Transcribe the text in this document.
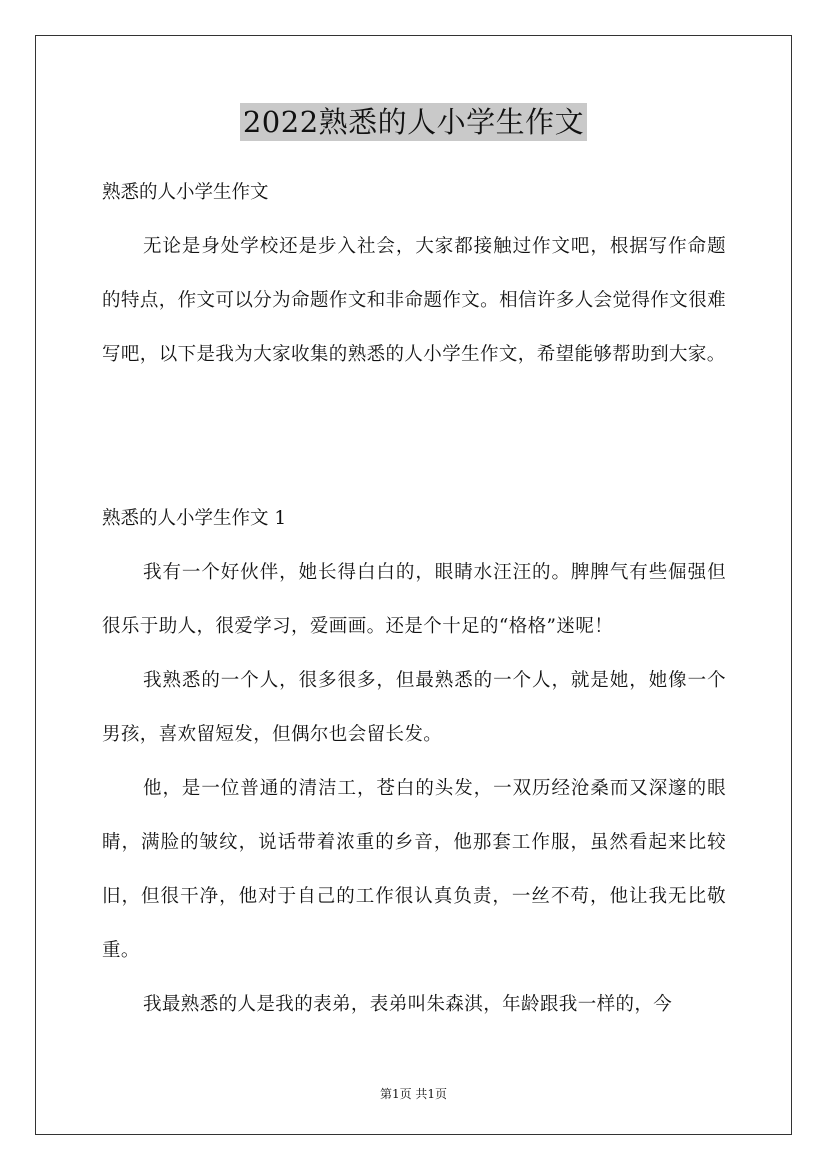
2022熟悉的人小学生作文
熟悉的人小学生作文

无论是身处学校还是步入社会，大家都接触过作文吧，根据写作命题的特点，作文可以分为命题作文和非命题作文。相信许多人会觉得作文很难写吧，以下是我为大家收集的熟悉的人小学生作文，希望能够帮助到大家。

熟悉的人小学生作文 1

我有一个好伙伴，她长得白白的，眼睛水汪汪的。脾脾气有些倔强但很乐于助人，很爱学习，爱画画。还是个十足的“格格”迷呢！

我熟悉的一个人，很多很多，但最熟悉的一个人，就是她，她像一个男孩，喜欢留短发，但偶尔也会留长发。

他，是一位普通的清洁工，苍白的头发，一双历经沧桑而又深邃的眼睛，满脸的皱纹，说话带着浓重的乡音，他那套工作服，虽然看起来比较旧，但很干净，他对于自己的工作很认真负责，一丝不苟，他让我无比敬重。

我最熟悉的人是我的表弟，表弟叫朱森淇，年龄跟我一样的，今

第1页 共1页
